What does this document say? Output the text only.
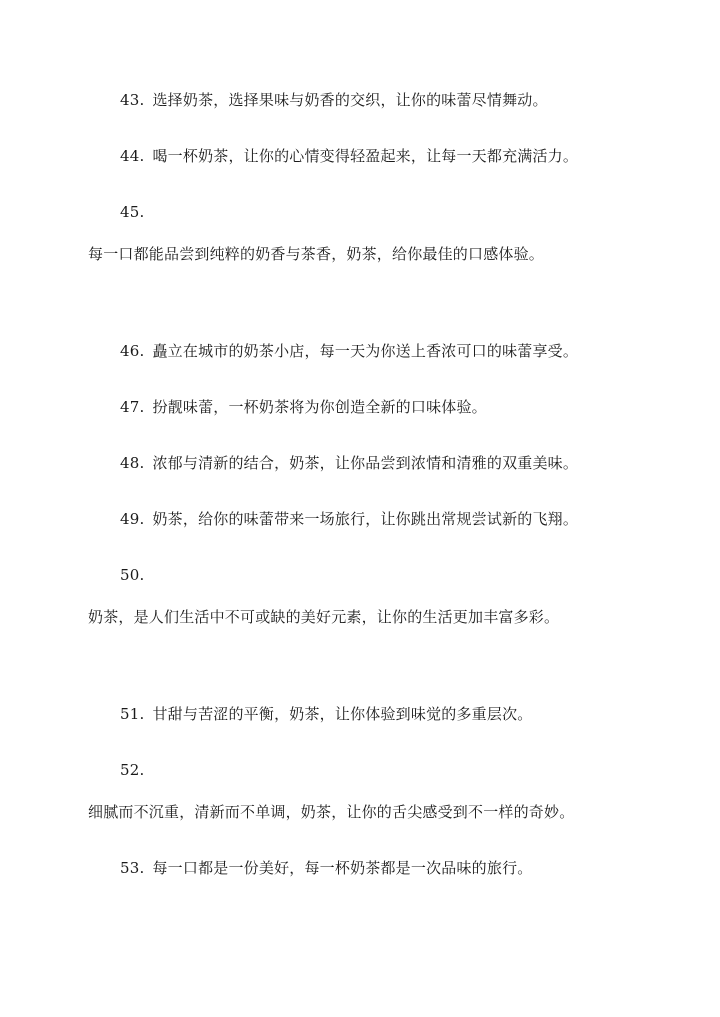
43. 选择奶茶，选择果味与奶香的交织，让你的味蕾尽情舞动。
44. 喝一杯奶茶，让你的心情变得轻盈起来，让每一天都充满活力。
45.
每一口都能品尝到纯粹的奶香与茶香，奶茶，给你最佳的口感体验。
46. 矗立在城市的奶茶小店，每一天为你送上香浓可口的味蕾享受。
47. 扮靓味蕾，一杯奶茶将为你创造全新的口味体验。
48. 浓郁与清新的结合，奶茶，让你品尝到浓情和清雅的双重美味。
49. 奶茶，给你的味蕾带来一场旅行，让你跳出常规尝试新的飞翔。
50.
奶茶，是人们生活中不可或缺的美好元素，让你的生活更加丰富多彩。
51. 甘甜与苦涩的平衡，奶茶，让你体验到味觉的多重层次。
52.
细腻而不沉重，清新而不单调，奶茶，让你的舌尖感受到不一样的奇妙。
53. 每一口都是一份美好，每一杯奶茶都是一次品味的旅行。
